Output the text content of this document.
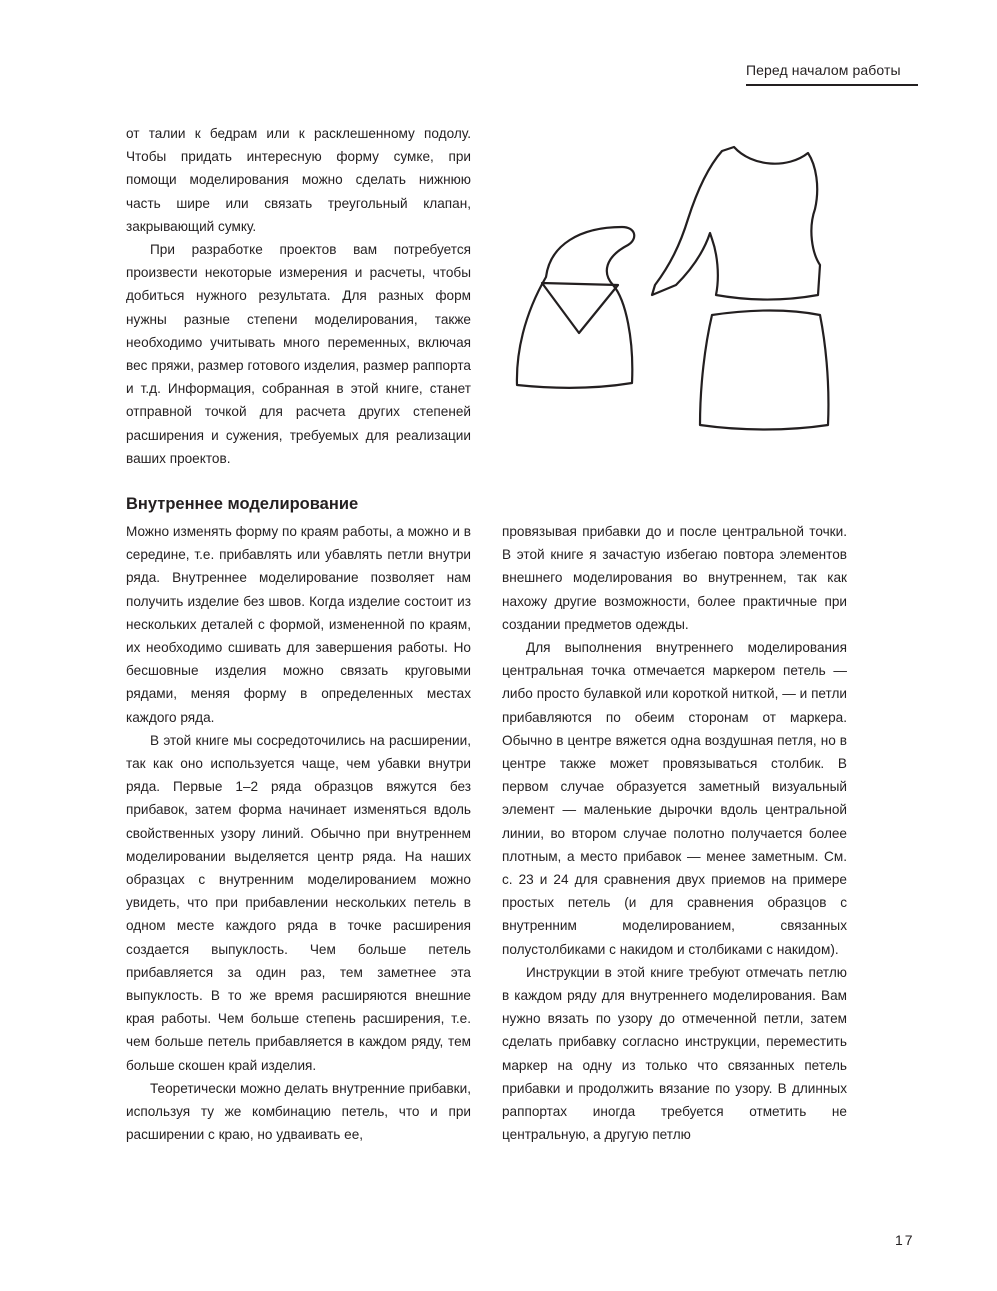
Перед началом работы

от талии к бедрам или к расклешенному подолу. Чтобы придать интересную форму сумке, при помощи моделирования можно сделать нижнюю часть шире или связать треугольный клапан, закрывающий сумку.

При разработке проектов вам потребуется произвести некоторые измерения и расчеты, чтобы добиться нужного результата. Для разных форм нужны разные степени моделирования, также необходимо учитывать много переменных, включая вес пряжи, размер готового изделия, размер раппорта и т.д. Информация, собранная в этой книге, станет отправной точкой для расчета других степеней расширения и сужения, требуемых для реализации ваших проектов.

Внутреннее моделирование

Можно изменять форму по краям работы, а можно и в середине, т.е. прибавлять или убавлять петли внутри ряда. Внутреннее моделирование позволяет нам получить изделие без швов. Когда изделие состоит из нескольких деталей с формой, измененной по краям, их необходимо сшивать для завершения работы. Но бесшовные изделия можно связать круговыми рядами, меняя форму в определенных местах каждого ряда.

В этой книге мы сосредоточились на расширении, так как оно используется чаще, чем убавки внутри ряда. Первые 1–2 ряда образцов вяжутся без прибавок, затем форма начинает изменяться вдоль свойственных узору линий. Обычно при внутреннем моделировании выделяется центр ряда. На наших образцах с внутренним моделированием можно увидеть, что при прибавлении нескольких петель в одном месте каждого ряда в точке расширения создается выпуклость. Чем больше петель прибавляется за один раз, тем заметнее эта выпуклость. В то же время расширяются внешние края работы. Чем больше степень расширения, т.е. чем больше петель прибавляется в каждом ряду, тем больше скошен край изделия.

Теоретически можно делать внутренние прибавки, используя ту же комбинацию петель, что и при расширении с краю, но удваивать ее,

провязывая прибавки до и после центральной точки. В этой книге я зачастую избегаю повтора элементов внешнего моделирования во внутреннем, так как нахожу другие возможности, более практичные при создании предметов одежды.

Для выполнения внутреннего моделирования центральная точка отмечается маркером петель — либо просто булавкой или короткой ниткой, — и петли прибавляются по обеим сторонам от маркера. Обычно в центре вяжется одна воздушная петля, но в центре также может провязываться столбик. В первом случае образуется заметный визуальный элемент — маленькие дырочки вдоль центральной линии, во втором случае полотно получается более плотным, а место прибавок — менее заметным. См. с. 23 и 24 для сравнения двух приемов на примере простых петель (и для сравнения образцов с внутренним моделированием, связанных полустолбиками с накидом и столбиками с накидом).

Инструкции в этой книге требуют отмечать петлю в каждом ряду для внутреннего моделирования. Вам нужно вязать по узору до отмеченной петли, затем сделать прибавку согласно инструкции, переместить маркер на одну из только что связанных петель прибавки и продолжить вязание по узору. В длинных раппортах иногда требуется отметить не центральную, а другую петлю

17
